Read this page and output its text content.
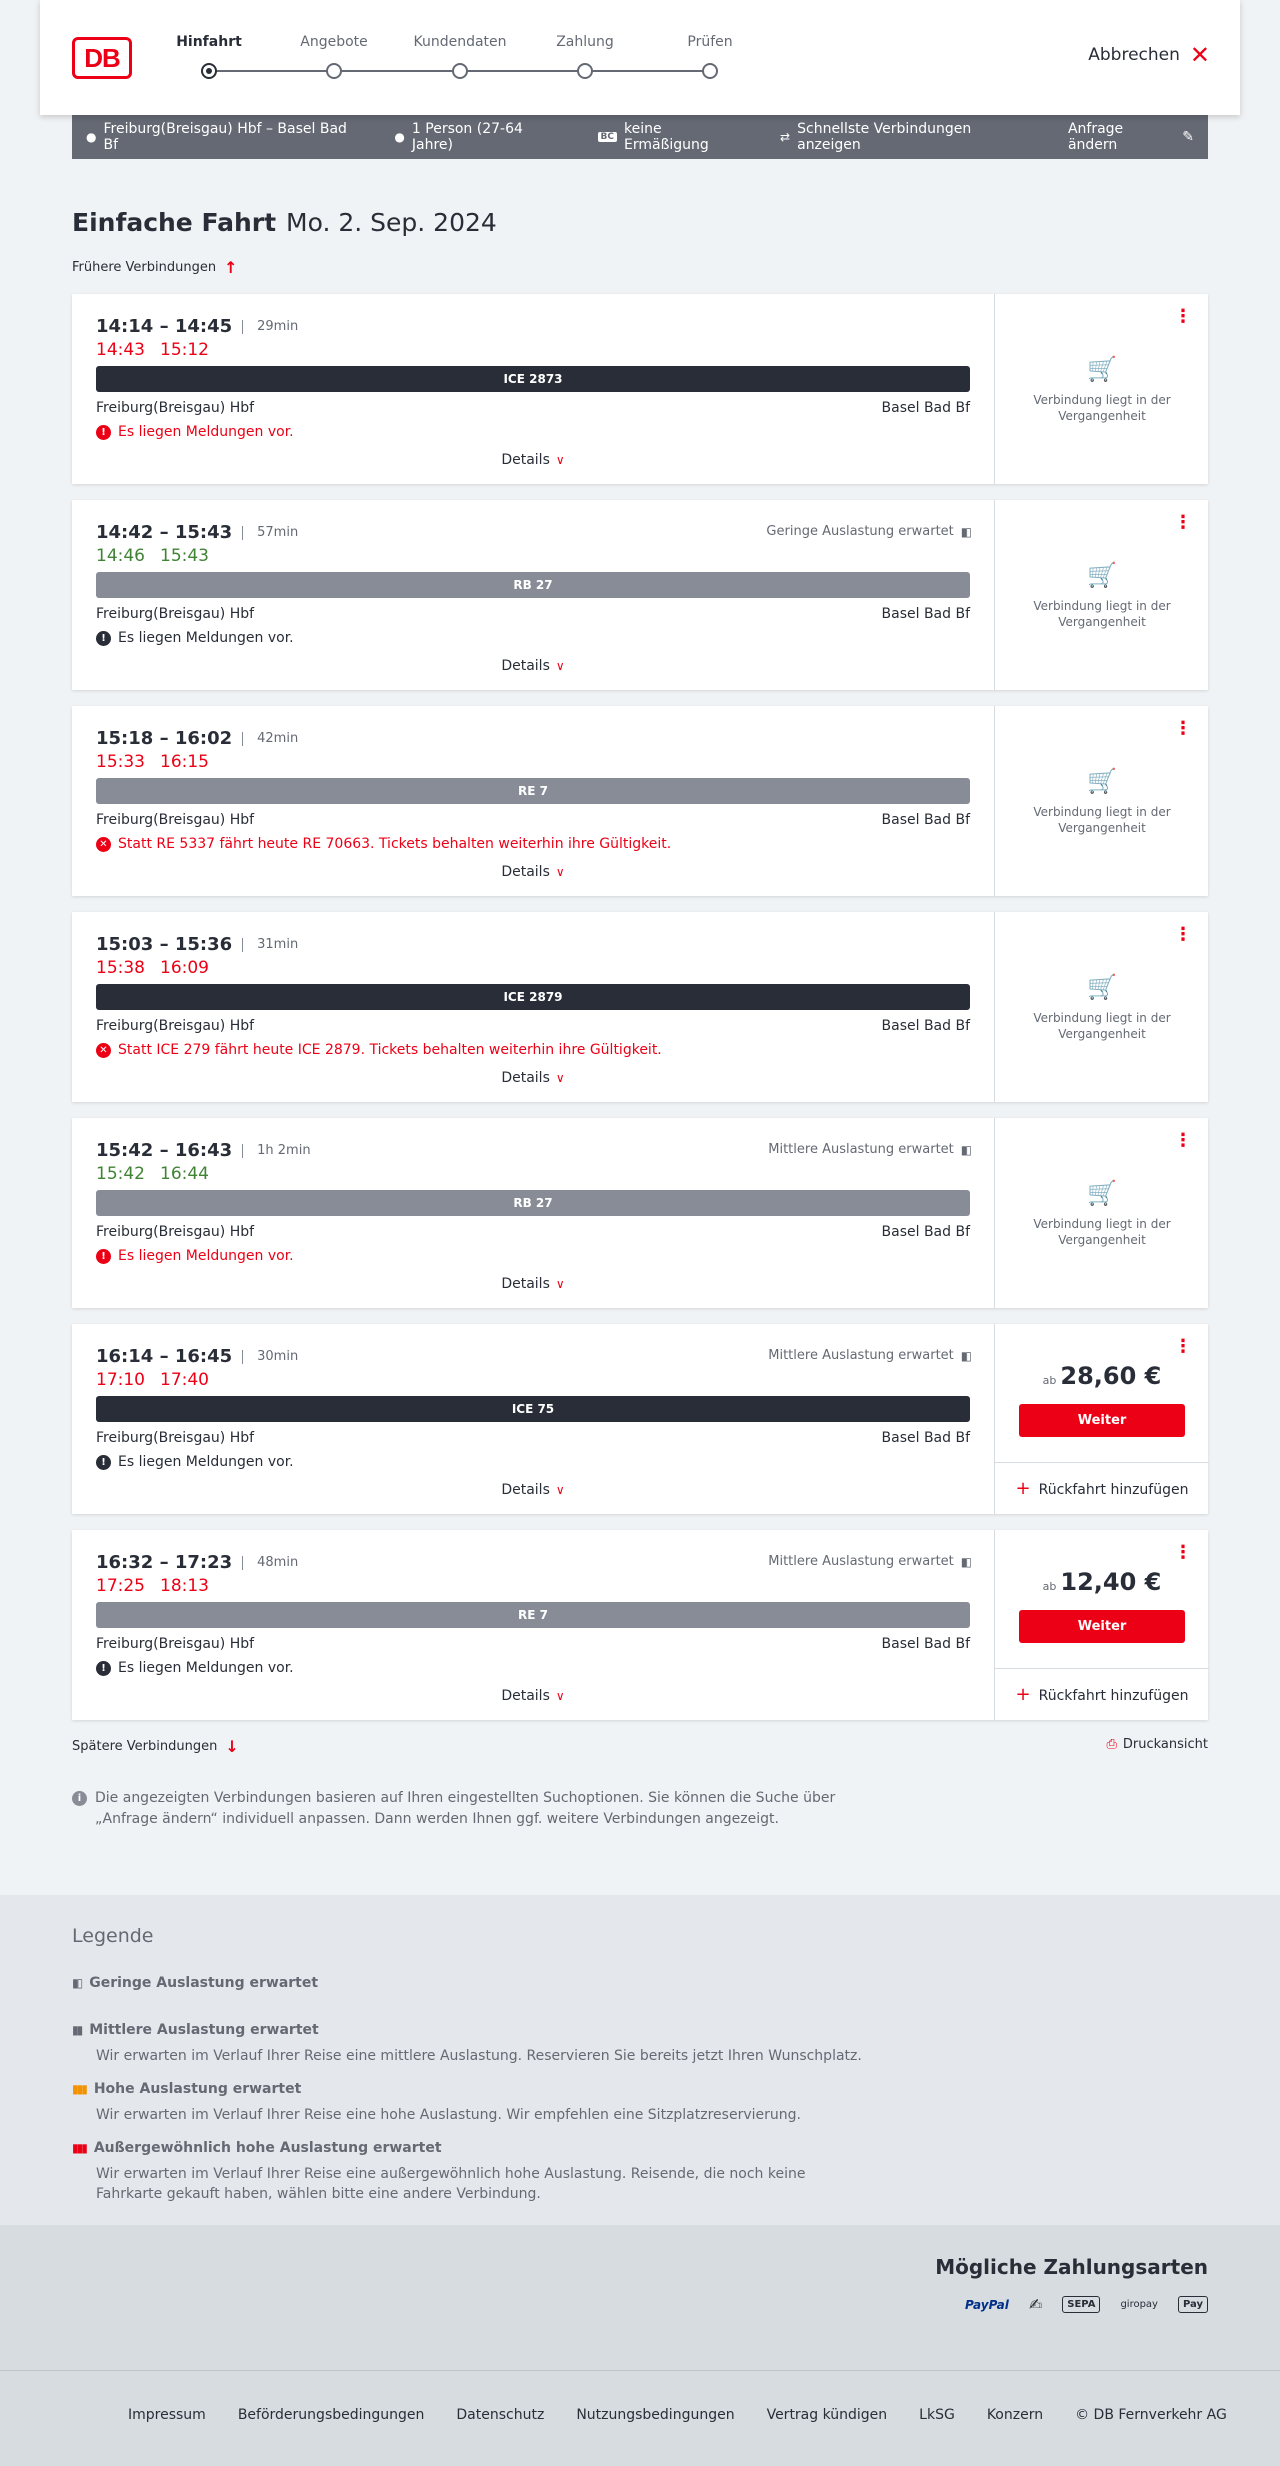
DB
Hinfahrt	Angebote	Kundendaten	Zahlung	Prüfen
Abbrechen ✕
● Freiburg(Breisgau) Hbf – Basel Bad Bf	● 1 Person (27-64 Jahre)	BC keine Ermäßigung	⇄ Schnellste Verbindungen anzeigen
Anfrage ändern	✎
Einfache Fahrt Mo. 2. Sep. 2024
Frühere Verbindungen ↑
14:14 – 14:45	29min
14:43 15:12
ICE 2873
Freiburg(Breisgau) Hbf	Basel Bad Bf
! Es liegen Meldungen vor.
Details ∨
⋮
🛒
Verbindung liegt in der Vergangenheit
14:42 – 15:43	57min
14:46 15:43
Geringe Auslastung erwartet ▮▯
RB 27
Freiburg(Breisgau) Hbf	Basel Bad Bf
! Es liegen Meldungen vor.
Details ∨
⋮
🛒
Verbindung liegt in der Vergangenheit
15:18 – 16:02	42min
15:33 16:15
RE 7
Freiburg(Breisgau) Hbf	Basel Bad Bf
✕ Statt RE 5337 fährt heute RE 70663. Tickets behalten weiterhin ihre Gültigkeit.
Details ∨
⋮
🛒
Verbindung liegt in der Vergangenheit
15:03 – 15:36	31min
15:38 16:09
ICE 2879
Freiburg(Breisgau) Hbf	Basel Bad Bf
✕ Statt ICE 279 fährt heute ICE 2879. Tickets behalten weiterhin ihre Gültigkeit.
Details ∨
⋮
🛒
Verbindung liegt in der Vergangenheit
15:42 – 16:43	1h 2min
15:42 16:44
Mittlere Auslastung erwartet ▮▯
RB 27
Freiburg(Breisgau) Hbf	Basel Bad Bf
! Es liegen Meldungen vor.
Details ∨
⋮
🛒
Verbindung liegt in der Vergangenheit
16:14 – 16:45	30min
17:10 17:40
Mittlere Auslastung erwartet ▮▯
ICE 75
Freiburg(Breisgau) Hbf	Basel Bad Bf
! Es liegen Meldungen vor.
Details ∨
⋮
ab 28,60 €
Weiter
+ Rückfahrt hinzufügen
16:32 – 17:23	48min
17:25 18:13
Mittlere Auslastung erwartet ▮▯
RE 7
Freiburg(Breisgau) Hbf	Basel Bad Bf
! Es liegen Meldungen vor.
Details ∨
⋮
ab 12,40 €
Weiter
+ Rückfahrt hinzufügen
Spätere Verbindungen ↓	⎙ Druckansicht
i Die angezeigten Verbindungen basieren auf Ihren eingestellten Suchoptionen. Sie können die Suche über „Anfrage ändern“ individuell anpassen. Dann werden Ihnen ggf. weitere Verbindungen angezeigt.
Legende
▮▯ Geringe Auslastung erwartet
▮▮ Mittlere Auslastung erwartet
Wir erwarten im Verlauf Ihrer Reise eine mittlere Auslastung. Reservieren Sie bereits jetzt Ihren Wunschplatz.
▮▮▮ Hohe Auslastung erwartet
Wir erwarten im Verlauf Ihrer Reise eine hohe Auslastung. Wir empfehlen eine Sitzplatzreservierung.
▮▮▮ Außergewöhnlich hohe Auslastung erwartet
Wir erwarten im Verlauf Ihrer Reise eine außergewöhnlich hohe Auslastung. Reisende, die noch keine Fahrkarte gekauft haben, wählen bitte eine andere Verbindung.
Mögliche Zahlungsarten
PayPal ✍	SEPA	giropay	Pay
Impressum Beförderungsbedingungen Datenschutz Nutzungsbedingungen Vertrag kündigen LkSG Konzern © DB Fernverkehr AG
